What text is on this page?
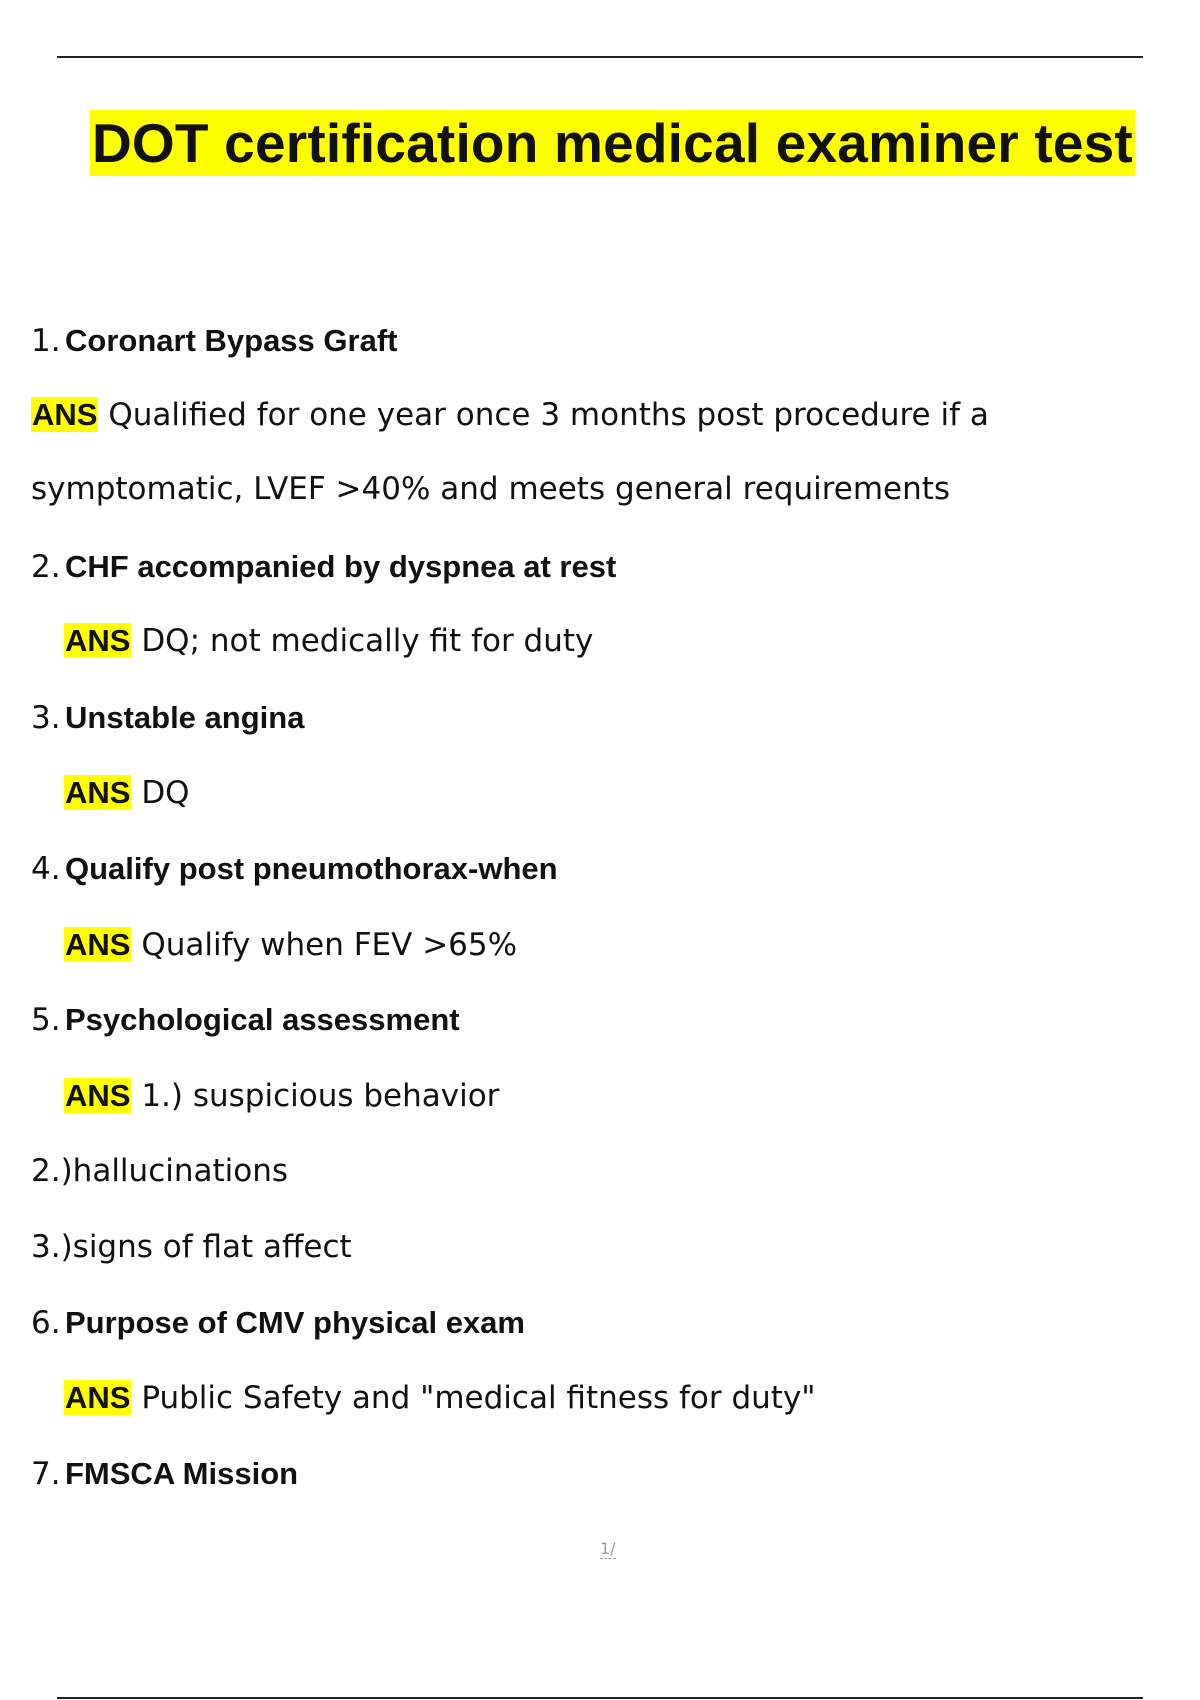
DOT certification medical examiner test
1. Coronart Bypass Graft
ANS Qualified for one year once 3 months post procedure if a
symptomatic, LVEF >40% and meets general requirements
2. CHF accompanied by dyspnea at rest
ANS DQ; not medically fit for duty
3. Unstable angina
ANS DQ
4. Qualify post pneumothorax-when
ANS Qualify when FEV >65%
5. Psychological assessment
ANS 1.) suspicious behavior
2.)hallucinations
3.)signs of flat affect
6. Purpose of CMV physical exam
ANS Public Safety and "medical fitness for duty"
7. FMSCA Mission
1/
